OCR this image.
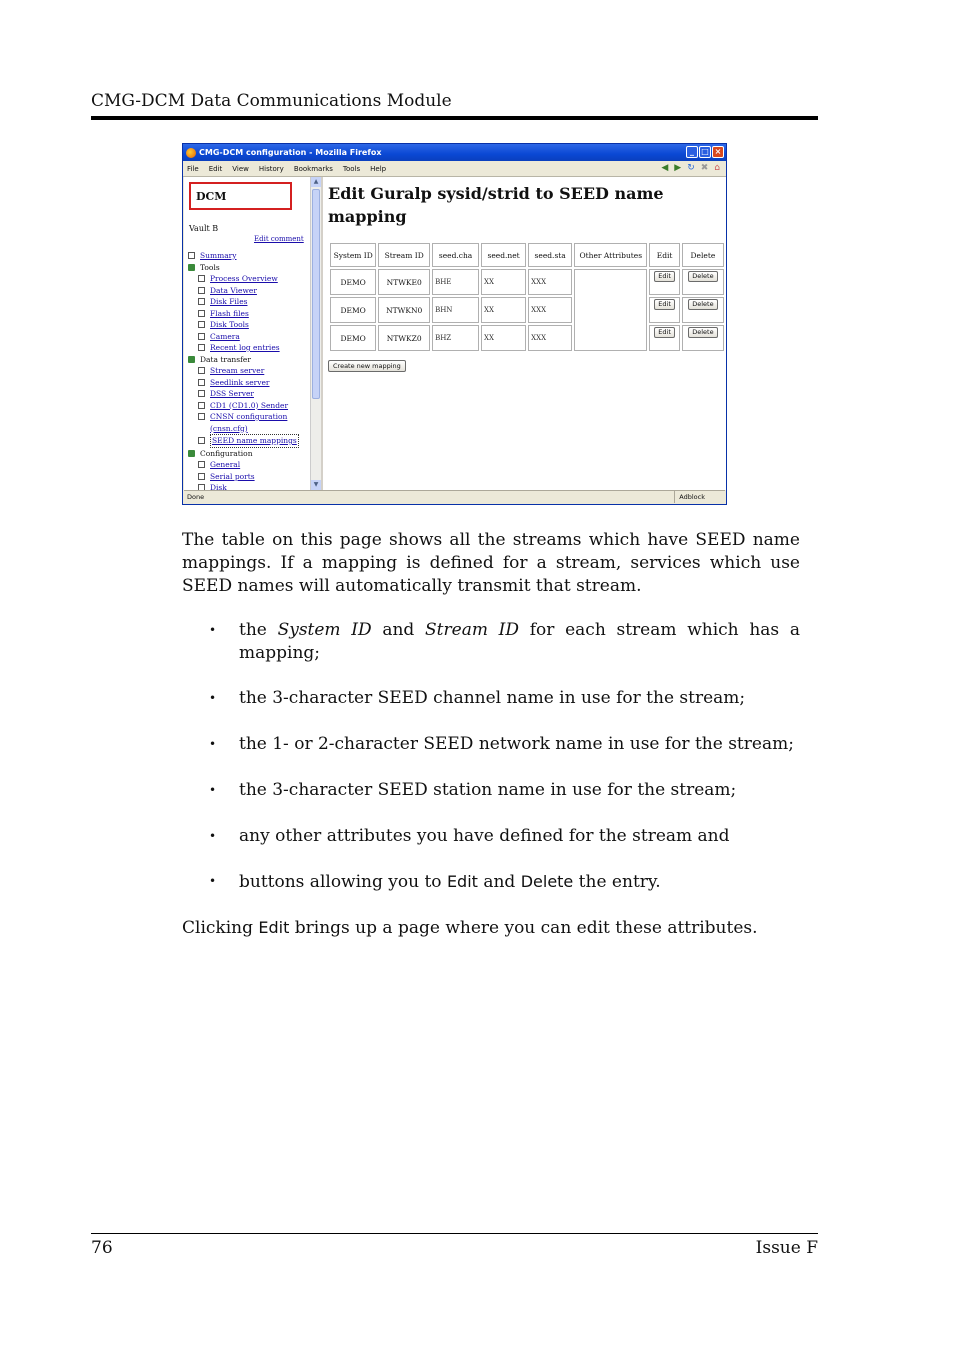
CMG-DCM Data Communications Module
CMG-DCM configuration - Mozilla Firefox	_ □ ×
File Edit View History Bookmarks Tools Help	◀ ▶ ↻ ✖ ⌂
DCM
Vault B
Edit comment
Summary
Tools
Process Overview
Data Viewer
Disk Files
Flash files
Disk Tools
Camera
Recent log entries
Data transfer
Stream server
Seedlink server
DSS Server
CD1 (CD1.0) Sender
CNSN configuration
(cnsn.cfg)
SEED name mappings
Configuration
General
Serial ports
Disk
▲
▼
Edit Guralp sysid/strid to SEED name mapping
System ID	Stream ID	seed.cha	seed.net	seed.sta	Other Attributes	Edit	Delete
DEMO	NTWKE0	BHE	XX	XXX		Edit	Delete

DEMO	NTWKN0	BHN	XX	XXX		Edit	Delete

DEMO	NTWKZ0	BHZ	XX	XXX		Edit	Delete
Create new mapping
Done	Adblock
The table on this page shows all the streams which have SEED name mappings. If a mapping is defined for a stream, services which use SEED names will automatically transmit that stream.
• the System ID and Stream ID for each stream which has a mapping;
• the 3-character SEED channel name in use for the stream;
• the 1- or 2-character SEED network name in use for the stream;
• the 3-character SEED station name in use for the stream;
• any other attributes you have defined for the stream and
• buttons allowing you to Edit and Delete the entry.
Clicking Edit brings up a page where you can edit these attributes.
76	Issue F
